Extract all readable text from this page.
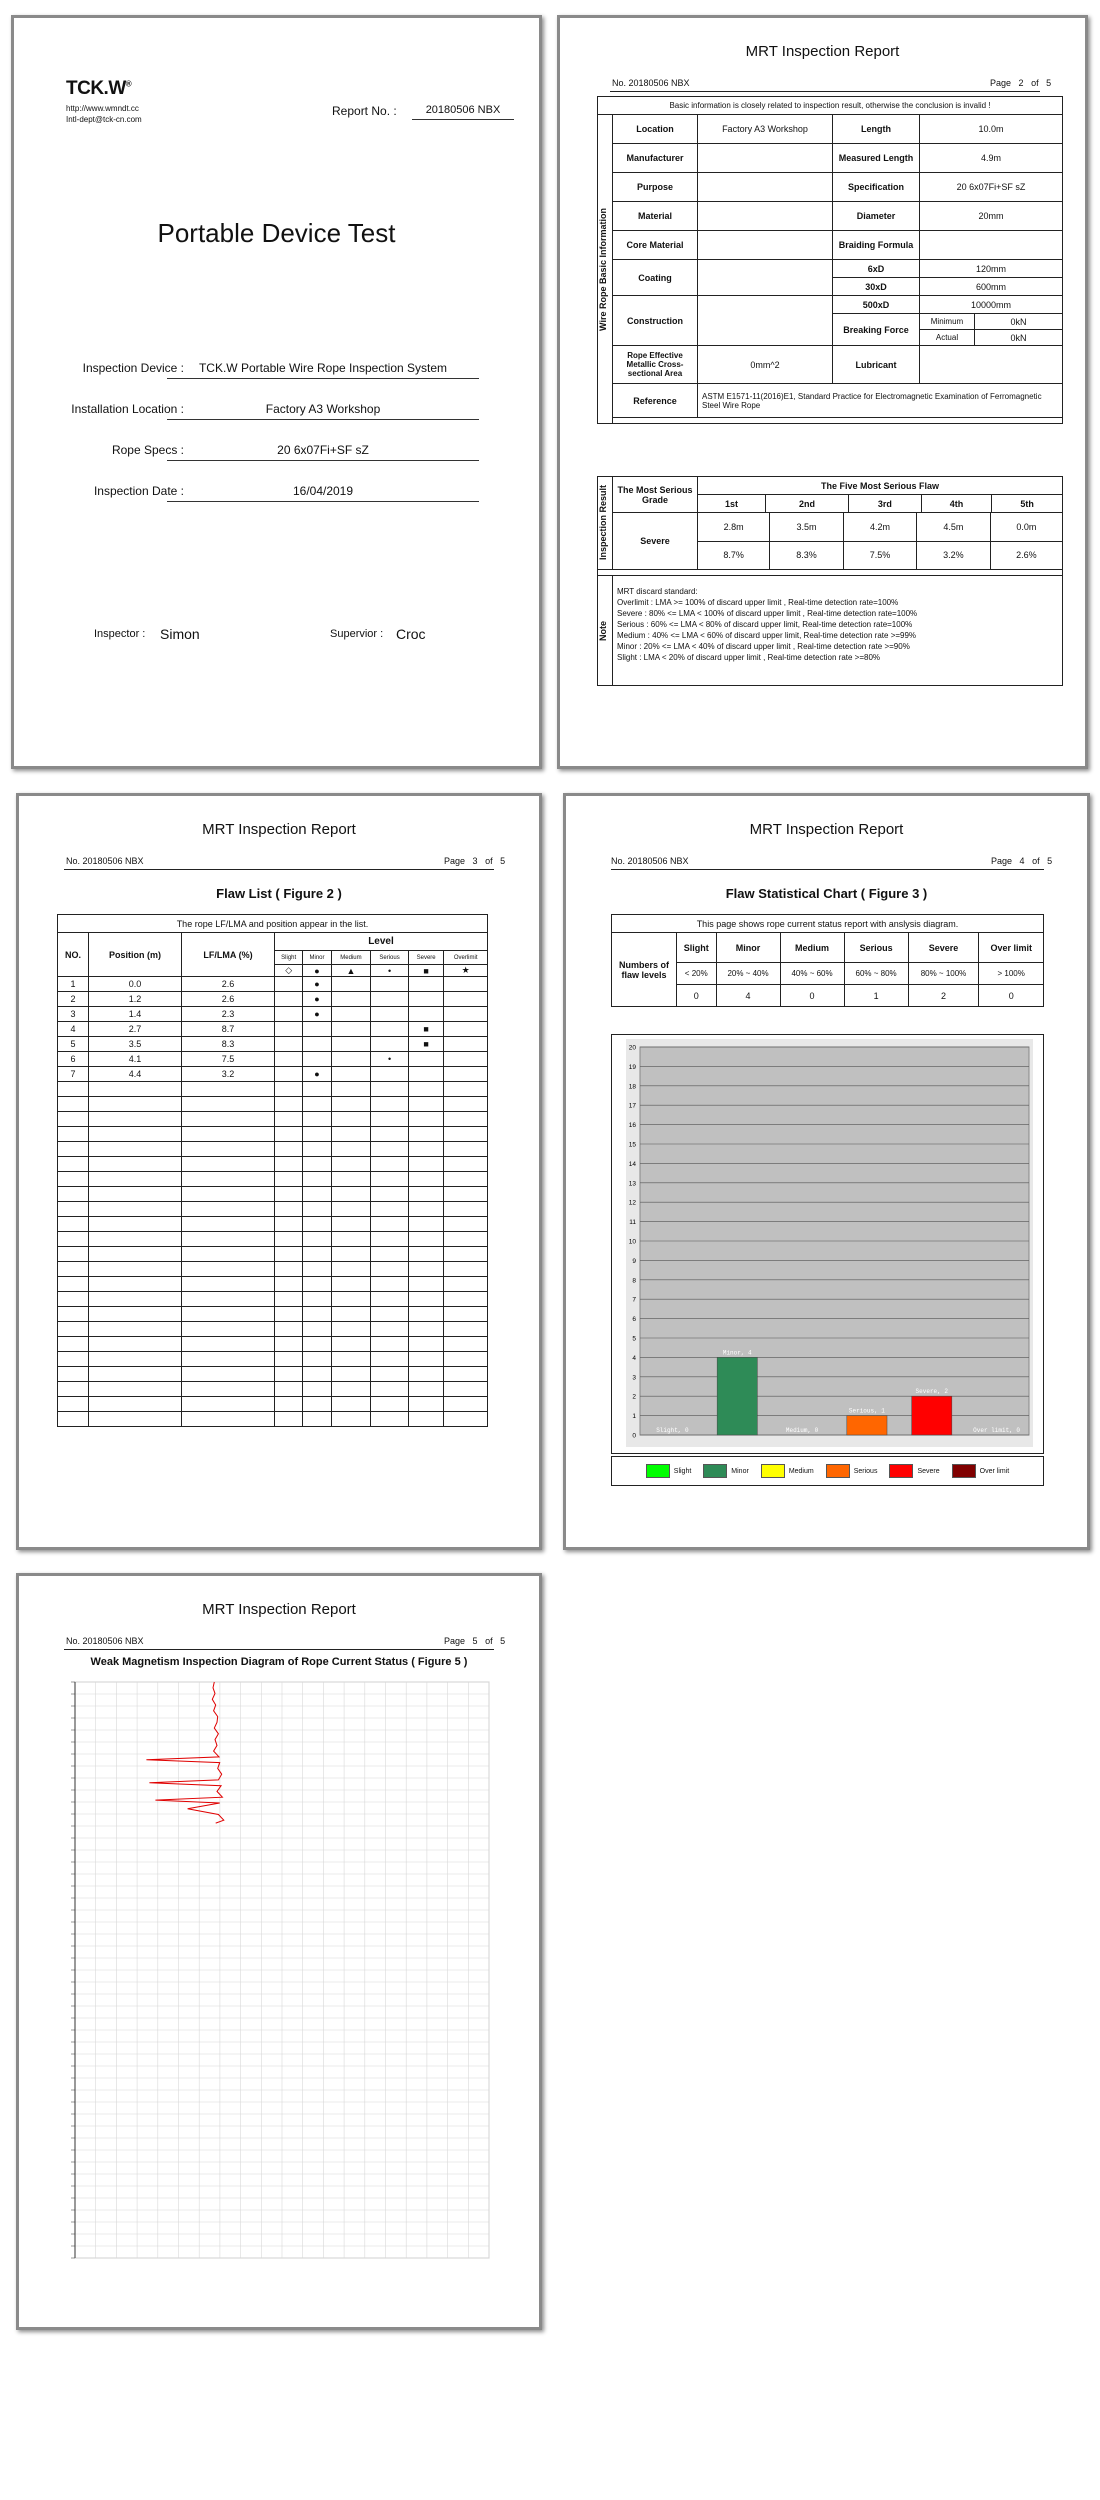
TCK.W®
http://www.wmndt.cc
Intl-dept@tck-cn.com
Report No. :	20180506 NBX
Portable Device Test
Inspection Device :	TCK.W Portable Wire Rope Inspection System
Installation Location :	Factory A3 Workshop
Rope Specs :	20 6x07Fi+SF sZ
Inspection Date :	16/04/2019
Inspector : Simon	Supervior : Croc
MRT Inspection Report
No. 20180506 NBX	Page 2 of 5
Basic information is closely related to inspection result, otherwise the conclusion is invalid !					

Wire Rope Basic Information	Location	Factory A3 Workshop	Length	10.0m	
	Manufacturer		Measured Length	4.9m	
	Purpose		Specification	20 6x07Fi+SF sZ	
	Material		Diameter	20mm	
	Core Material		Braiding Formula		
	Coating		6xD	120mm	
			30xD	600mm	
	Construction		500xD	10000mm	
			Breaking Force	Minimum	0kN
				Actual	0kN
	Rope Effective Metallic Cross-sectional Area	0mm^2	Lubricant		
	Reference	ASTM E1571-11(2016)E1, Standard Practice for Electromagnetic Examination of Ferromagnetic Steel Wire Rope			

Inspection Result	The Most Serious Grade	The Five Most Serious Flaw
1st	2nd	3rd	4th	5th
Severe	
2.8m	3.5m	4.2m	4.5m	0.0m
8.7%	8.3%	7.5%	3.2%	2.6%

Note

MRT discard standard:
Overlimit : LMA >= 100% of discard upper limit , Real-time detection rate=100%
Severe : 80% <= LMA < 100% of discard upper limit , Real-time detection rate=100%
Serious : 60% <= LMA < 80% of discard upper limit, Real-time detection rate=100%
Medium : 40% <= LMA < 60% of discard upper limit, Real-time detection rate >=99%
Minor : 20% <= LMA < 40% of discard upper limit , Real-time detection rate >=90%
Slight : LMA < 20% of discard upper limit , Real-time detection rate >=80%
MRT Inspection Report
No. 20180506 NBX	Page 3 of 5
Flaw List ( Figure 2 )
The rope LF/LMA and position appear in the list.								
NO.	Position (m)	LF/LMA (%)	Level					
			Slight	Minor	Medium	Serious	Severe	Overlimit
			◇	●	▲	•	■	★
1	0.0	2.6		●				
2	1.2	2.6		●				
3	1.4	2.3		●				
4	2.7	8.7					■	
5	3.5	8.3					■	
6	4.1	7.5				•		
7	4.4	3.2		●				

MRT Inspection Report
No. 20180506 NBX	Page 4 of 5
Flaw Statistical Chart ( Figure 3 )
This page shows rope current status report with anslysis diagram.						
Numbers of flaw levels	Slight	Minor	Medium	Serious	Severe	Over limit
	< 20%	20% ~ 40%	40% ~ 60%	60% ~ 80%	80% ~ 100%	> 100%
	0	4	0	1	2	0
0
1
2
3
4
5
6
7
8
9
10
11
12
13
14
15
16
17
18
19
20
Slight, 0
Minor, 4
Medium, 0
Serious, 1
Severe, 2
Over limit, 0
Slight	Minor	Medium	Serious	Severe	Over limit
MRT Inspection Report
No. 20180506 NBX	Page 5 of 5
Weak Magnetism Inspection Diagram of Rope Current Status ( Figure 5 )
